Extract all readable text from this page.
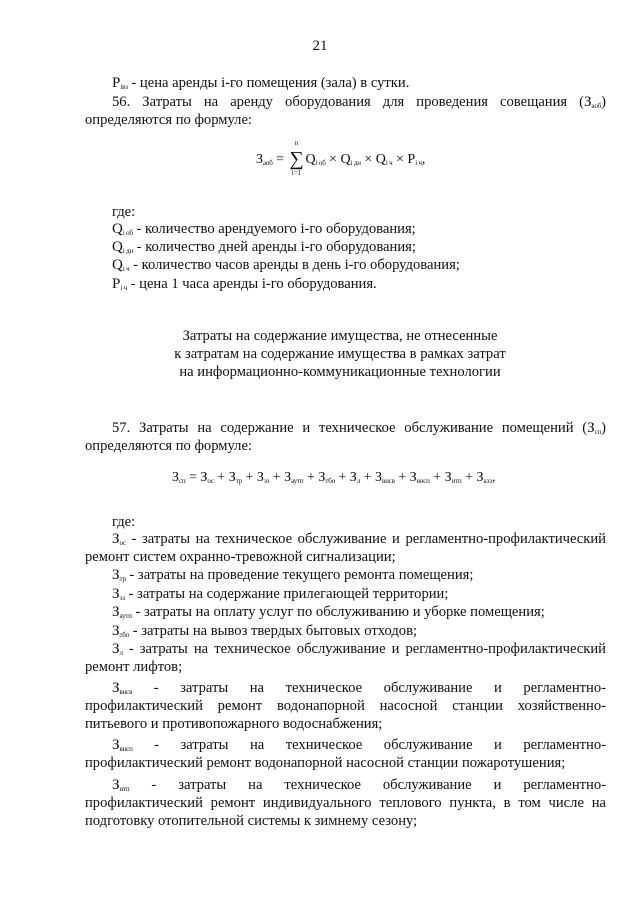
21
$P_{iвз}$ - цена аренды i-го помещения (зала) в сутки.
56. Затраты на аренду оборудования для проведения совещания $(З_{аоб})$
определяются по формуле:
$З_{аоб}$ = ∑
n
i=1
$Q_{i об} \times Q_{i дн} \times Q_{i ч} \times P_{i ч}$,
где:
$Q_{i об}$ - количество арендуемого i-го оборудования;
$Q_{i дн}$ - количество дней аренды i-го оборудования;
$Q_{i ч}$ - количество часов аренды в день i-го оборудования;
$P_{i ч}$ - цена 1 часа аренды i-го оборудования.
Затраты на содержание имущества, не отнесенные
к затратам на содержание имущества в рамках затрат
на информационно-коммуникационные технологии
57. Затраты на содержание и техническое обслуживание помещений $(З_{сп})$
определяются по формуле:
$З_{сп} = З_{ос} + З_{тр} + З_{эз} + З_{аутп} + З_{тбо} + З_л + З_{внсв} + З_{внсп} + З_{итп} + З_{аэз}$,
где:
$З_{ос}$ - затраты на техническое обслуживание и регламентно-профилактический
ремонт систем охранно-тревожной сигнализации;
$З_{тр}$ - затраты на проведение текущего ремонта помещения;
$З_{эз}$ - затраты на содержание прилегающей территории;
$З_{аутп}$ - затраты на оплату услуг по обслуживанию и уборке помещения;
$З_{тбо}$ - затраты на вывоз твердых бытовых отходов;
$З_л$ - затраты на техническое обслуживание и регламентно-профилактический
ремонт лифтов;
$З_{внсв}$ - затраты на техническое обслуживание и регламентно-
профилактический ремонт водонапорной насосной станции хозяйственно-
питьевого и противопожарного водоснабжения;
$З_{внсп}$ - затраты на техническое обслуживание и регламентно-
профилактический ремонт водонапорной насосной станции пожаротушения;
$З_{итп}$ - затраты на техническое обслуживание и регламентно-
профилактический ремонт индивидуального теплового пункта, в том числе на
подготовку отопительной системы к зимнему сезону;
